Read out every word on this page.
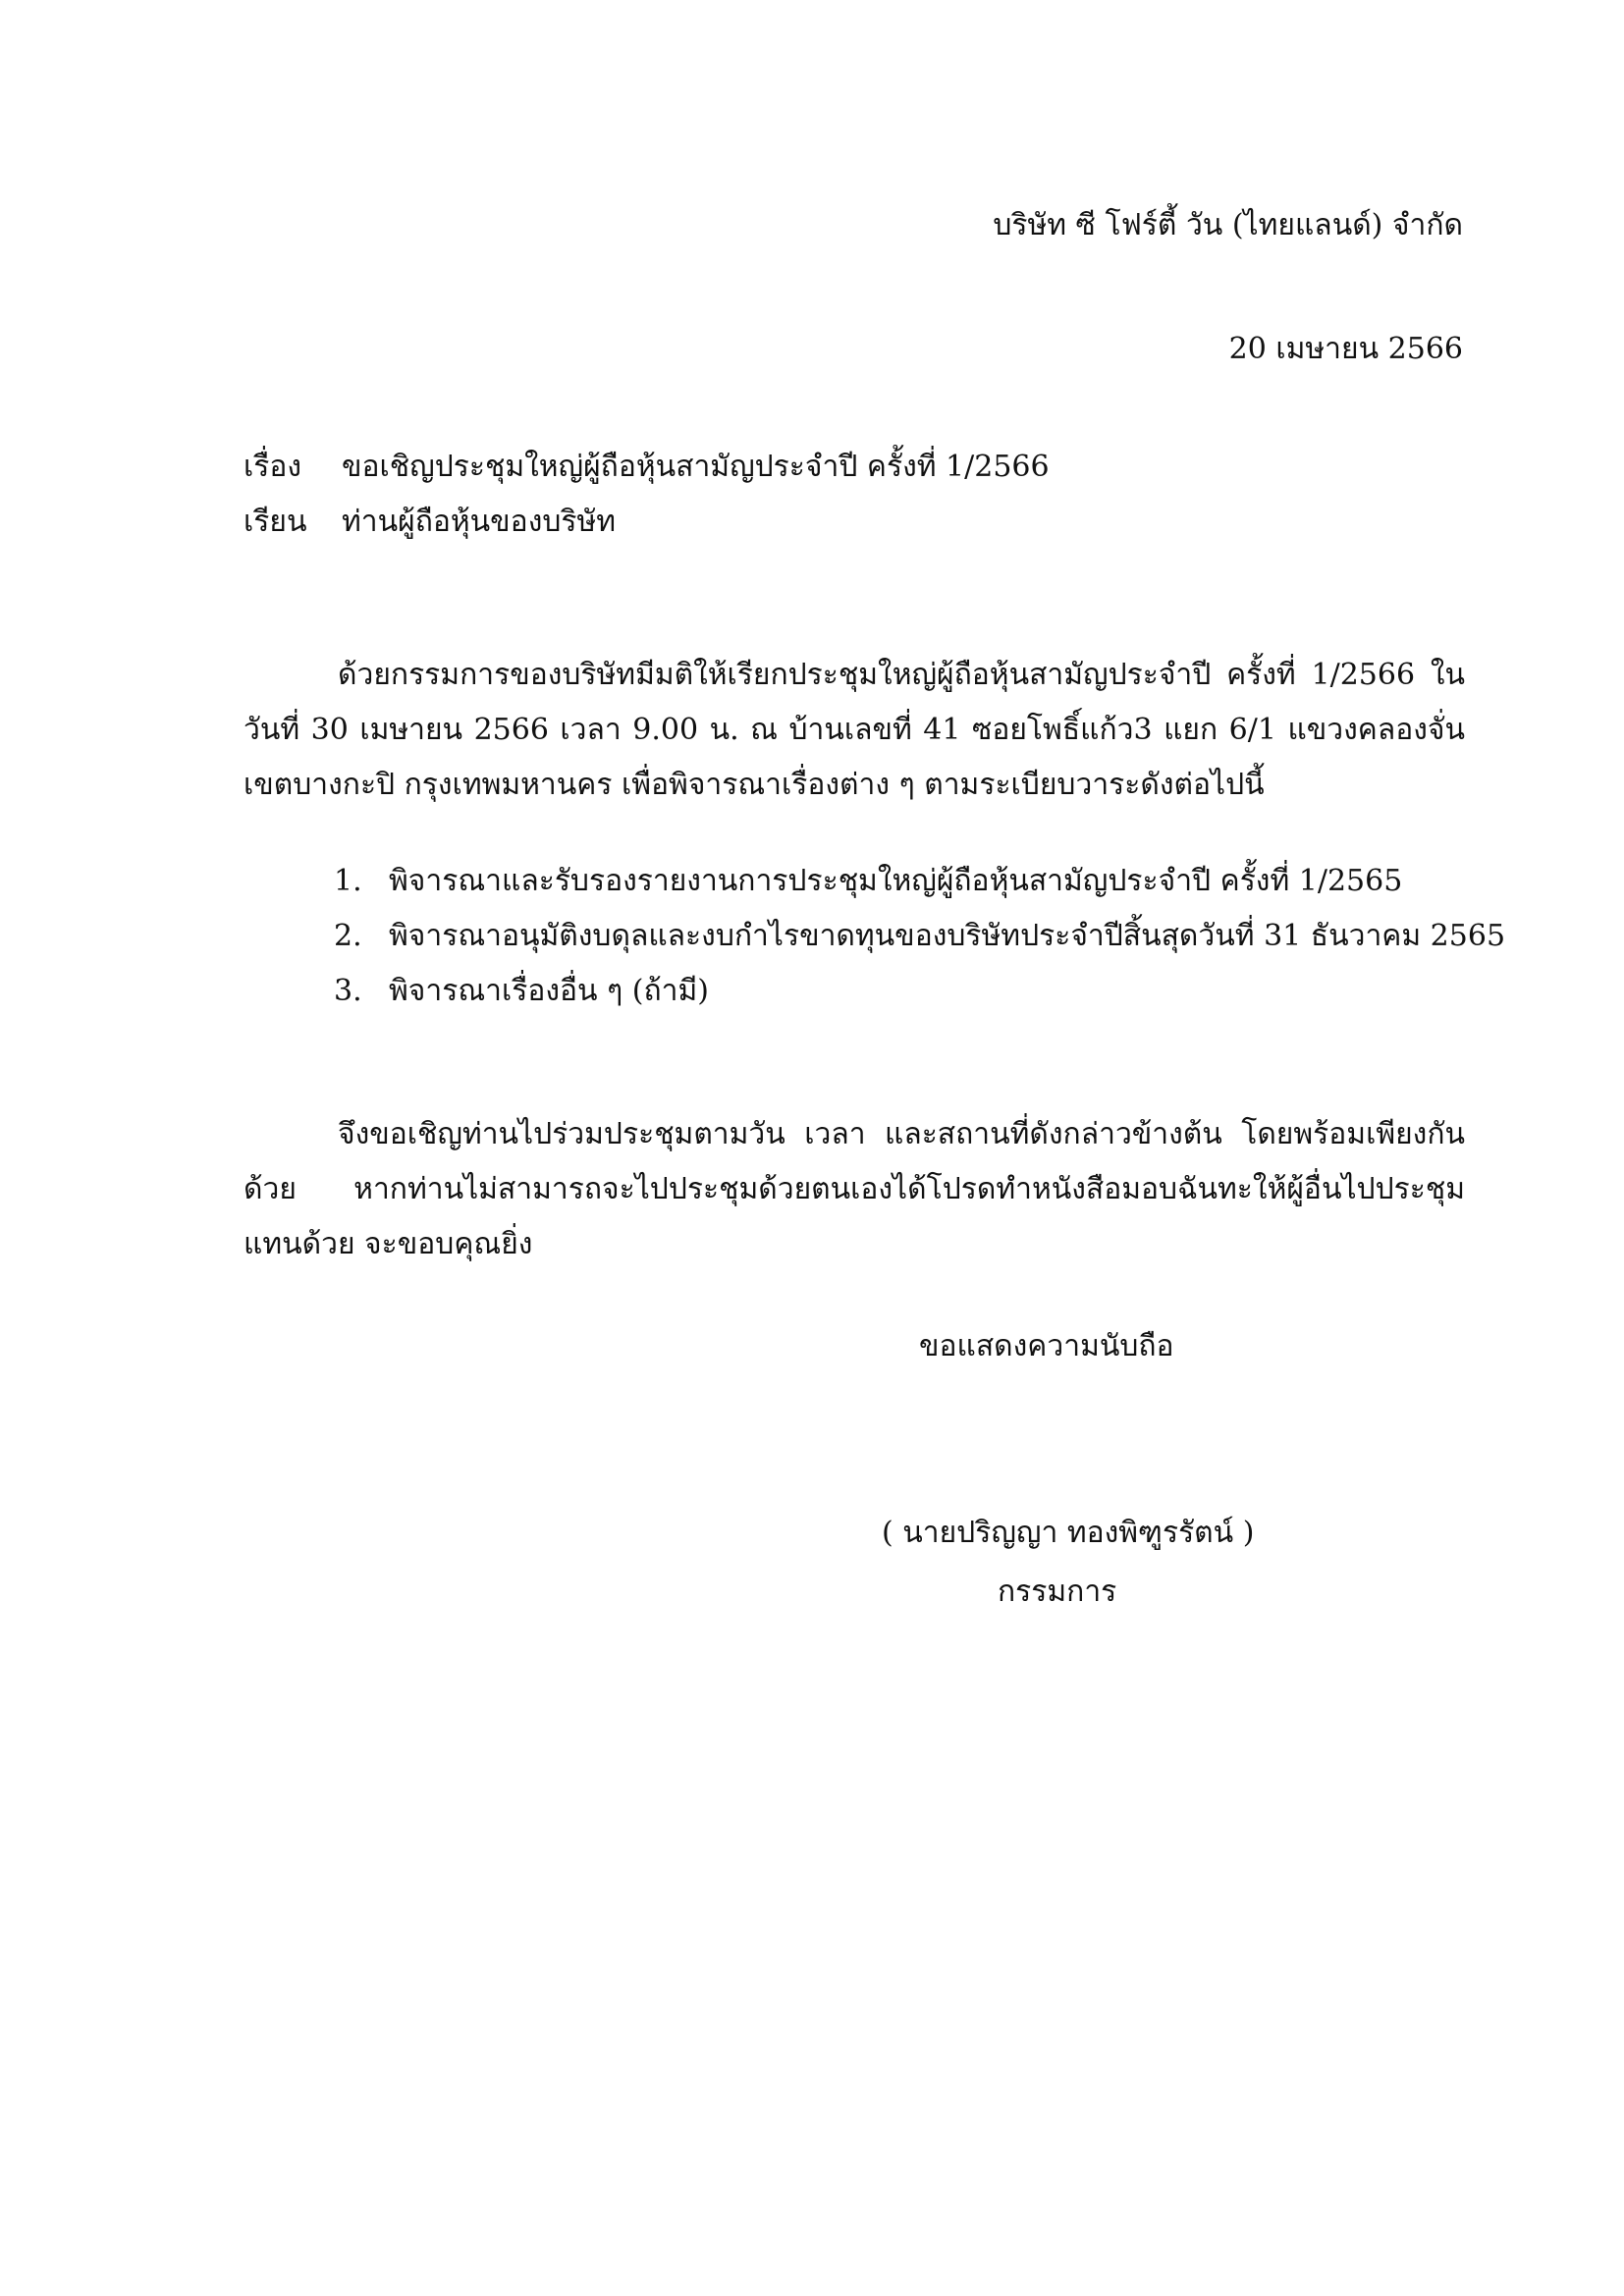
บริษัท ซี โฟร์ตี้ วัน (ไทยแลนด์) จำกัด
20 เมษายน 2566
เรื่อง ขอเชิญประชุมใหญ่ผู้ถือหุ้นสามัญประจำปี ครั้งที่ 1/2566
เรียน ท่านผู้ถือหุ้นของบริษัท

ด้วยกรรมการของบริษัทมีมติให้เรียกประชุมใหญ่ผู้ถือหุ้นสามัญประจำปี ครั้งที่ 1/2566 ในวันที่ 30 เมษายน 2566 เวลา 9.00 น. ณ บ้านเลขที่ 41 ซอยโพธิ์แก้ว3 แยก 6/1 แขวงคลองจั่น เขตบางกะปิ กรุงเทพมหานคร เพื่อพิจารณาเรื่องต่าง ๆ ตามระเบียบวาระดังต่อไปนี้

1. พิจารณาและรับรองรายงานการประชุมใหญ่ผู้ถือหุ้นสามัญประจำปี ครั้งที่ 1/2565
2. พิจารณาอนุมัติงบดุลและงบกำไรขาดทุนของบริษัทประจำปีสิ้นสุดวันที่ 31 ธันวาคม 2565
3. พิจารณาเรื่องอื่น ๆ (ถ้ามี)

จึงขอเชิญท่านไปร่วมประชุมตามวัน เวลา และสถานที่ดังกล่าวข้างต้น โดยพร้อมเพียงกันด้วย หากท่านไม่สามารถจะไปประชุมด้วยตนเองได้โปรดทำหนังสือมอบฉันทะให้ผู้อื่นไปประชุมแทนด้วย จะขอบคุณยิ่ง

ขอแสดงความนับถือ
( นายปริญญา ทองพิฑูรรัตน์ )
กรรมการ
